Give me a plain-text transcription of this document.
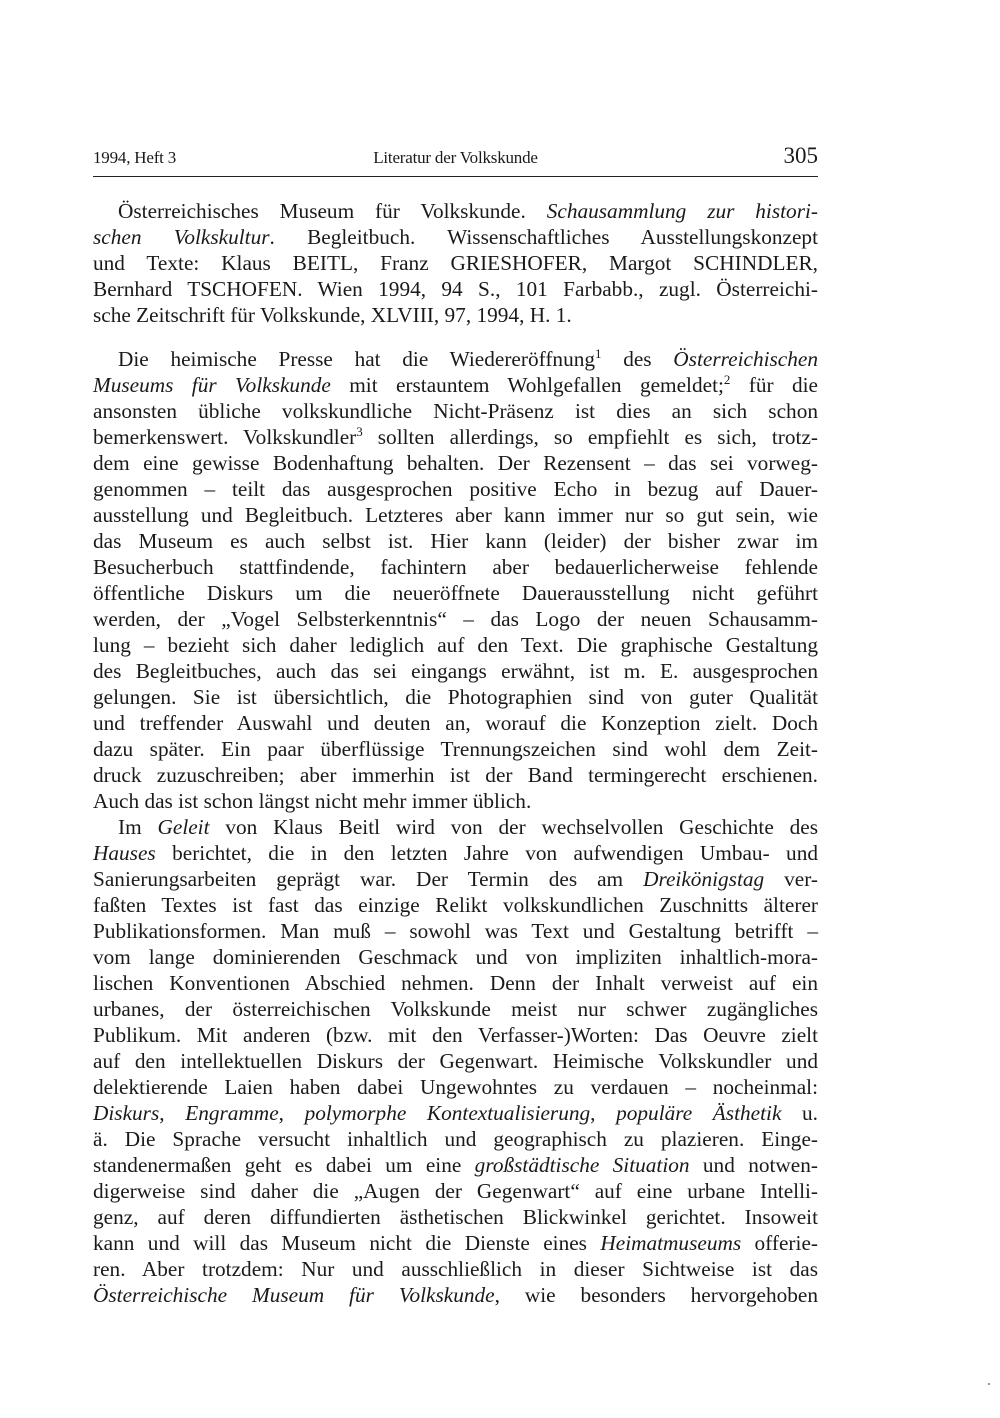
1994, Heft 3	Literatur der Volkskunde	305
Österreichisches Museum für Volkskunde. Schausammlung zur histori-
schen Volkskultur. Begleitbuch. Wissenschaftliches Ausstellungskonzept
und Texte: Klaus BEITL, Franz GRIESHOFER, Margot SCHINDLER,
Bernhard TSCHOFEN. Wien 1994, 94 S., 101 Farbabb., zugl. Österreichi-
sche Zeitschrift für Volkskunde, XLVIII, 97, 1994, H. 1.
Die heimische Presse hat die Wiedereröffnung$^1$ des Österreichischen
Museums für Volkskunde mit erstauntem Wohlgefallen gemeldet;$^2$ für die
ansonsten übliche volkskundliche Nicht-Präsenz ist dies an sich schon
bemerkenswert. Volkskundler$^3$ sollten allerdings, so empfiehlt es sich, trotz-
dem eine gewisse Bodenhaftung behalten. Der Rezensent – das sei vorweg-
genommen – teilt das ausgesprochen positive Echo in bezug auf Dauer-
ausstellung und Begleitbuch. Letzteres aber kann immer nur so gut sein, wie
das Museum es auch selbst ist. Hier kann (leider) der bisher zwar im
Besucherbuch stattfindende, fachintern aber bedauerlicherweise fehlende
öffentliche Diskurs um die neueröffnete Dauerausstellung nicht geführt
werden, der „Vogel Selbsterkenntnis“ – das Logo der neuen Schausamm-
lung – bezieht sich daher lediglich auf den Text. Die graphische Gestaltung
des Begleitbuches, auch das sei eingangs erwähnt, ist m. E. ausgesprochen
gelungen. Sie ist übersichtlich, die Photographien sind von guter Qualität
und treffender Auswahl und deuten an, worauf die Konzeption zielt. Doch
dazu später. Ein paar überflüssige Trennungszeichen sind wohl dem Zeit-
druck zuzuschreiben; aber immerhin ist der Band termingerecht erschienen.
Auch das ist schon längst nicht mehr immer üblich.
Im Geleit von Klaus Beitl wird von der wechselvollen Geschichte des
Hauses berichtet, die in den letzten Jahre von aufwendigen Umbau- und
Sanierungsarbeiten geprägt war. Der Termin des am Dreikönigstag ver-
faßten Textes ist fast das einzige Relikt volkskundlichen Zuschnitts älterer
Publikationsformen. Man muß – sowohl was Text und Gestaltung betrifft –
vom lange dominierenden Geschmack und von impliziten inhaltlich-mora-
lischen Konventionen Abschied nehmen. Denn der Inhalt verweist auf ein
urbanes, der österreichischen Volkskunde meist nur schwer zugängliches
Publikum. Mit anderen (bzw. mit den Verfasser-)Worten: Das Oeuvre zielt
auf den intellektuellen Diskurs der Gegenwart. Heimische Volkskundler und
delektierende Laien haben dabei Ungewohntes zu verdauen – nocheinmal:
Diskurs, Engramme, polymorphe Kontextualisierung, populäre Ästhetik u.
ä. Die Sprache versucht inhaltlich und geographisch zu plazieren. Einge-
standenermaßen geht es dabei um eine großstädtische Situation und notwen-
digerweise sind daher die „Augen der Gegenwart“ auf eine urbane Intelli-
genz, auf deren diffundierten ästhetischen Blickwinkel gerichtet. Insoweit
kann und will das Museum nicht die Dienste eines Heimatmuseums offerie-
ren. Aber trotzdem: Nur und ausschließlich in dieser Sichtweise ist das
Österreichische Museum für Volkskunde, wie besonders hervorgehoben
